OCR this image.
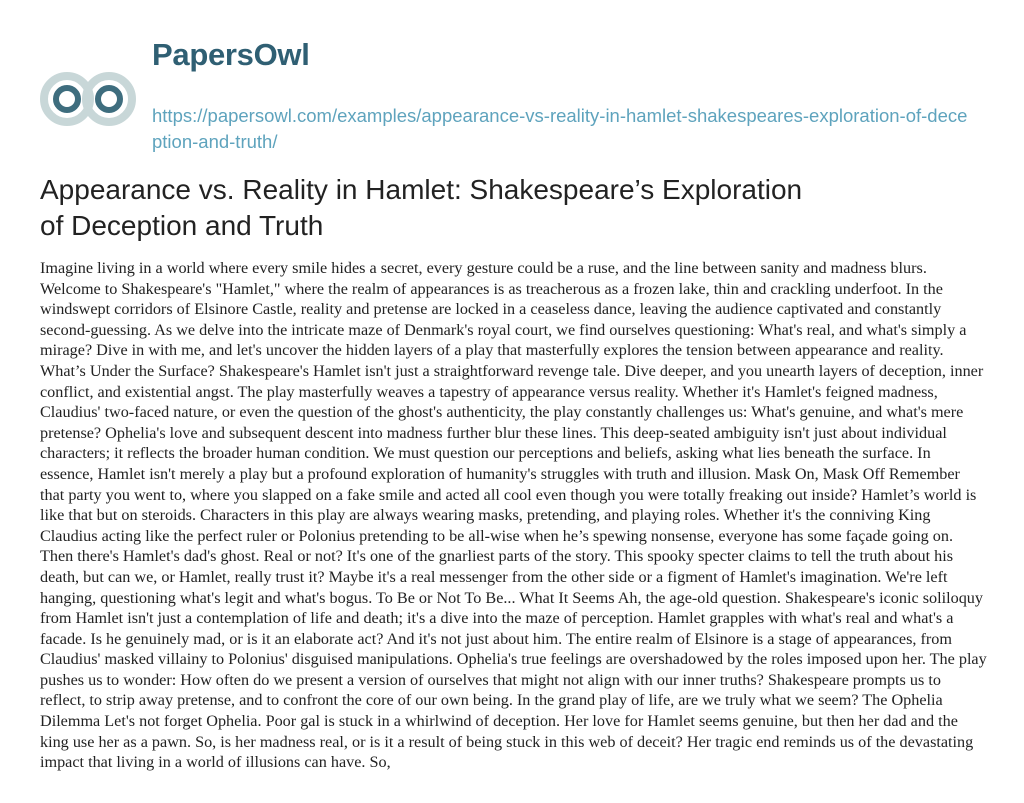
PapersOwl
https://papersowl.com/examples/appearance-vs-reality-in-hamlet-shakespeares-exploration-of-deception-and-truth/
Appearance vs. Reality in Hamlet: Shakespeare’s Exploration of Deception and Truth

Imagine living in a world where every smile hides a secret, every gesture could be a ruse, and the line between sanity and madness blurs. Welcome to Shakespeare's "Hamlet," where the realm of appearances is as treacherous as a frozen lake, thin and crackling underfoot. In the windswept corridors of Elsinore Castle, reality and pretense are locked in a ceaseless dance, leaving the audience captivated and constantly second-guessing. As we delve into the intricate maze of Denmark's royal court, we find ourselves questioning: What's real, and what's simply a mirage? Dive in with me, and let's uncover the hidden layers of a play that masterfully explores the tension between appearance and reality. What’s Under the Surface? Shakespeare's Hamlet isn't just a straightforward revenge tale. Dive deeper, and you unearth layers of deception, inner conflict, and existential angst. The play masterfully weaves a tapestry of appearance versus reality. Whether it's Hamlet's feigned madness, Claudius' two-faced nature, or even the question of the ghost's authenticity, the play constantly challenges us: What's genuine, and what's mere pretense? Ophelia's love and subsequent descent into madness further blur these lines. This deep-seated ambiguity isn't just about individual characters; it reflects the broader human condition. We must question our perceptions and beliefs, asking what lies beneath the surface. In essence, Hamlet isn't merely a play but a profound exploration of humanity's struggles with truth and illusion. Mask On, Mask Off Remember that party you went to, where you slapped on a fake smile and acted all cool even though you were totally freaking out inside? Hamlet’s world is like that but on steroids. Characters in this play are always wearing masks, pretending, and playing roles. Whether it's the conniving King Claudius acting like the perfect ruler or Polonius pretending to be all-wise when he’s spewing nonsense, everyone has some façade going on. Then there's Hamlet's dad's ghost. Real or not? It's one of the gnarliest parts of the story. This spooky specter claims to tell the truth about his death, but can we, or Hamlet, really trust it? Maybe it's a real messenger from the other side or a figment of Hamlet's imagination. We're left hanging, questioning what's legit and what's bogus. To Be or Not To Be... What It Seems Ah, the age-old question. Shakespeare's iconic soliloquy from Hamlet isn't just a contemplation of life and death; it's a dive into the maze of perception. Hamlet grapples with what's real and what's a facade. Is he genuinely mad, or is it an elaborate act? And it's not just about him. The entire realm of Elsinore is a stage of appearances, from Claudius' masked villainy to Polonius' disguised manipulations. Ophelia's true feelings are overshadowed by the roles imposed upon her. The play pushes us to wonder: How often do we present a version of ourselves that might not align with our inner truths? Shakespeare prompts us to reflect, to strip away pretense, and to confront the core of our own being. In the grand play of life, are we truly what we seem? The Ophelia Dilemma Let's not forget Ophelia. Poor gal is stuck in a whirlwind of deception. Her love for Hamlet seems genuine, but then her dad and the king use her as a pawn. So, is her madness real, or is it a result of being stuck in this web of deceit? Her tragic end reminds us of the devastating impact that living in a world of illusions can have. So,
